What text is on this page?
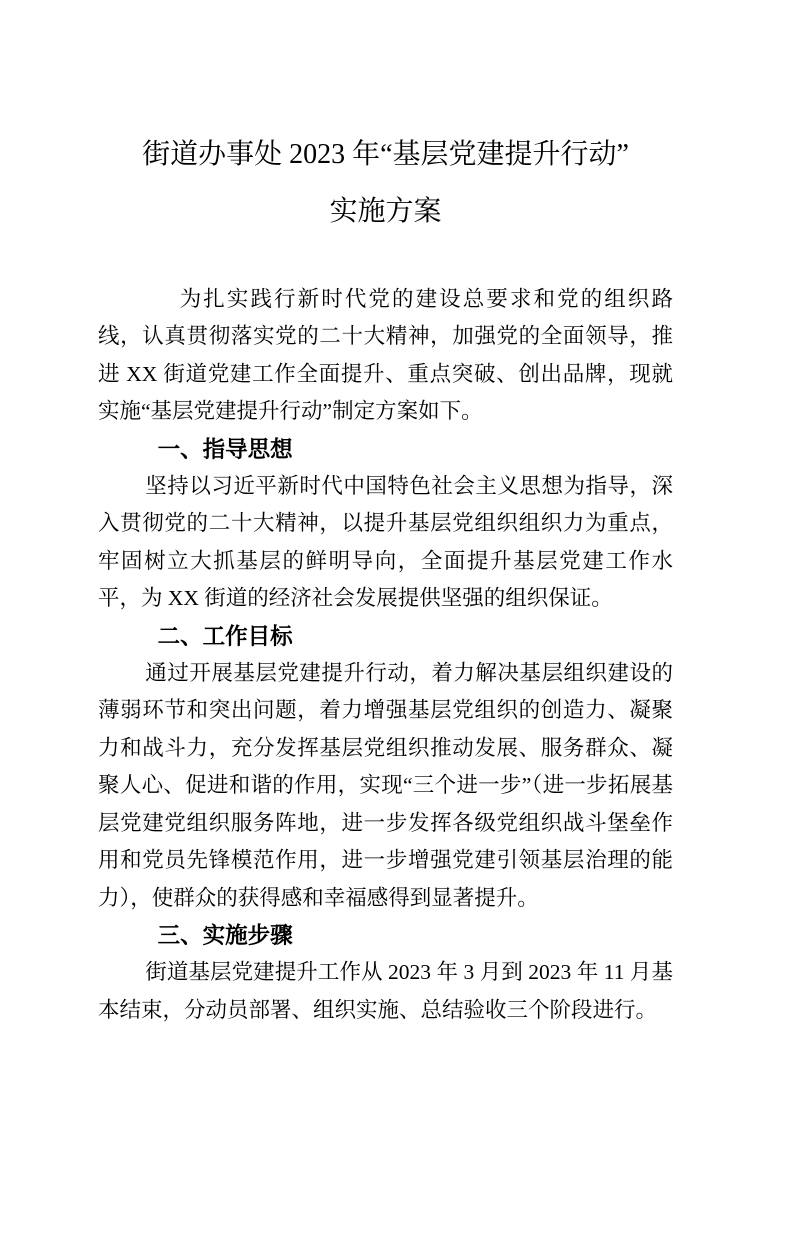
街道办事处 2023 年“基层党建提升行动”
实施方案

为扎实践行新时代党的建设总要求和党的组织路线，认真贯彻落实党的二十大精神，加强党的全面领导，推进 XX 街道党建工作全面提升、重点突破、创出品牌，现就实施“基层党建提升行动”制定方案如下。

一、指导思想

坚持以习近平新时代中国特色社会主义思想为指导，深入贯彻党的二十大精神，以提升基层党组织组织力为重点， 牢固树立大抓基层的鲜明导向，全面提升基层党建工作水平，为 XX 街道的经济社会发展提供坚强的组织保证。

二、工作目标

通过开展基层党建提升行动，着力解决基层组织建设的薄弱环节和突出问题，着力增强基层党组织的创造力、凝聚力和战斗力，充分发挥基层党组织推动发展、服务群众、凝聚人心、促进和谐的作用，实现“三个进一步”（进一步拓展基层党建党组织服务阵地，进一步发挥各级党组织战斗堡垒作用和党员先锋模范作用，进一步增强党建引领基层治理的能力），使群众的获得感和幸福感得到显著提升。

三、实施步骤

街道基层党建提升工作从 2023 年 3 月到 2023 年 11 月基本结束，分动员部署、组织实施、总结验收三个阶段进行。
